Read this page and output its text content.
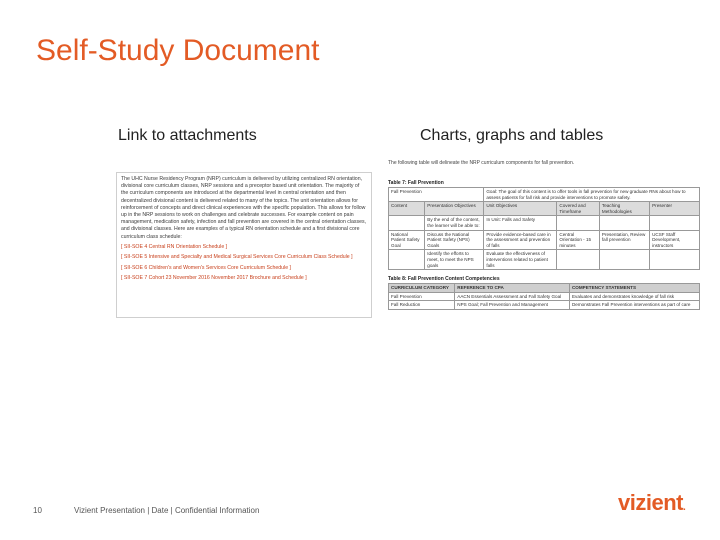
Self-Study Document
Link to attachments	Charts, graphs and tables

The UHC Nurse Residency Program (NRP) curriculum is delivered by utilizing centralized RN orientation, divisional core curriculum classes, NRP sessions and a preceptor based unit orientation. The majority of the curriculum components are introduced at the departmental level in central orientation and then decentralized divisional content is delivered related to many of the topics. The unit orientation allows for reinforcement of concepts and direct clinical experiences with the specific population. This allows for follow up in the NRP sessions to work on challenges and celebrate successes. For example content on pain management, medication safety, infection and fall prevention are covered in the central orientation classes, and divisional classes. Here are examples of a typical RN orientation schedule and a first divisional core curriculum class schedule:

[ SII-SOE 4 Central RN Orientation Schedule ]
[ SII-SOE 5 Intensive and Specialty and Medical Surgical Services Core Curriculum Class Schedule ]
[ SII-SOE 6 Children's and Women's Services Core Curriculum Schedule ]
[ SII-SOE 7 Cohort 23 November 2016 November 2017 Brochure and Schedule ]

The following table will delineate the NRP curriculum components for fall prevention.

Table 7: Fall Prevention

Fall Prevention		Goal: The goal of this content is to offer tools in fall prevention for new graduate RNs about how to assess patients for fall risk and provide interventions to promote safety.			
Content	Presentation Objectives	Unit Objectives	Covered and Timeframe	Teaching Methodologies	Presenter
	By the end of the content, the learner will be able to:	In Unit: Falls and Safety			
National Patient Safety Goal	Discuss the National Patient Safety (NPS) Goals	Provide evidence-based care in the assessment and prevention of falls	Central Orientation - 15 minutes	Presentation, Review fall prevention	UCSF Staff Development, instructors
	Identify the efforts to meet, to meet the NPS goals	Evaluate the effectiveness of interventions related to patient falls			

Table 8: Fall Prevention Content Competencies

CURRICULUM CATEGORY	REFERENCE TO CPA	COMPETENCY STATEMENTS
Fall Prevention	AACN Essentials Assessment and Fall Safety Goal	Evaluates and demonstrates knowledge of fall risk
Fall Reduction	NPS Goal; Fall Prevention and Management	Demonstrates Fall Prevention interventions as part of care
10	Vizient Presentation | Date | Confidential Information	vizient.
